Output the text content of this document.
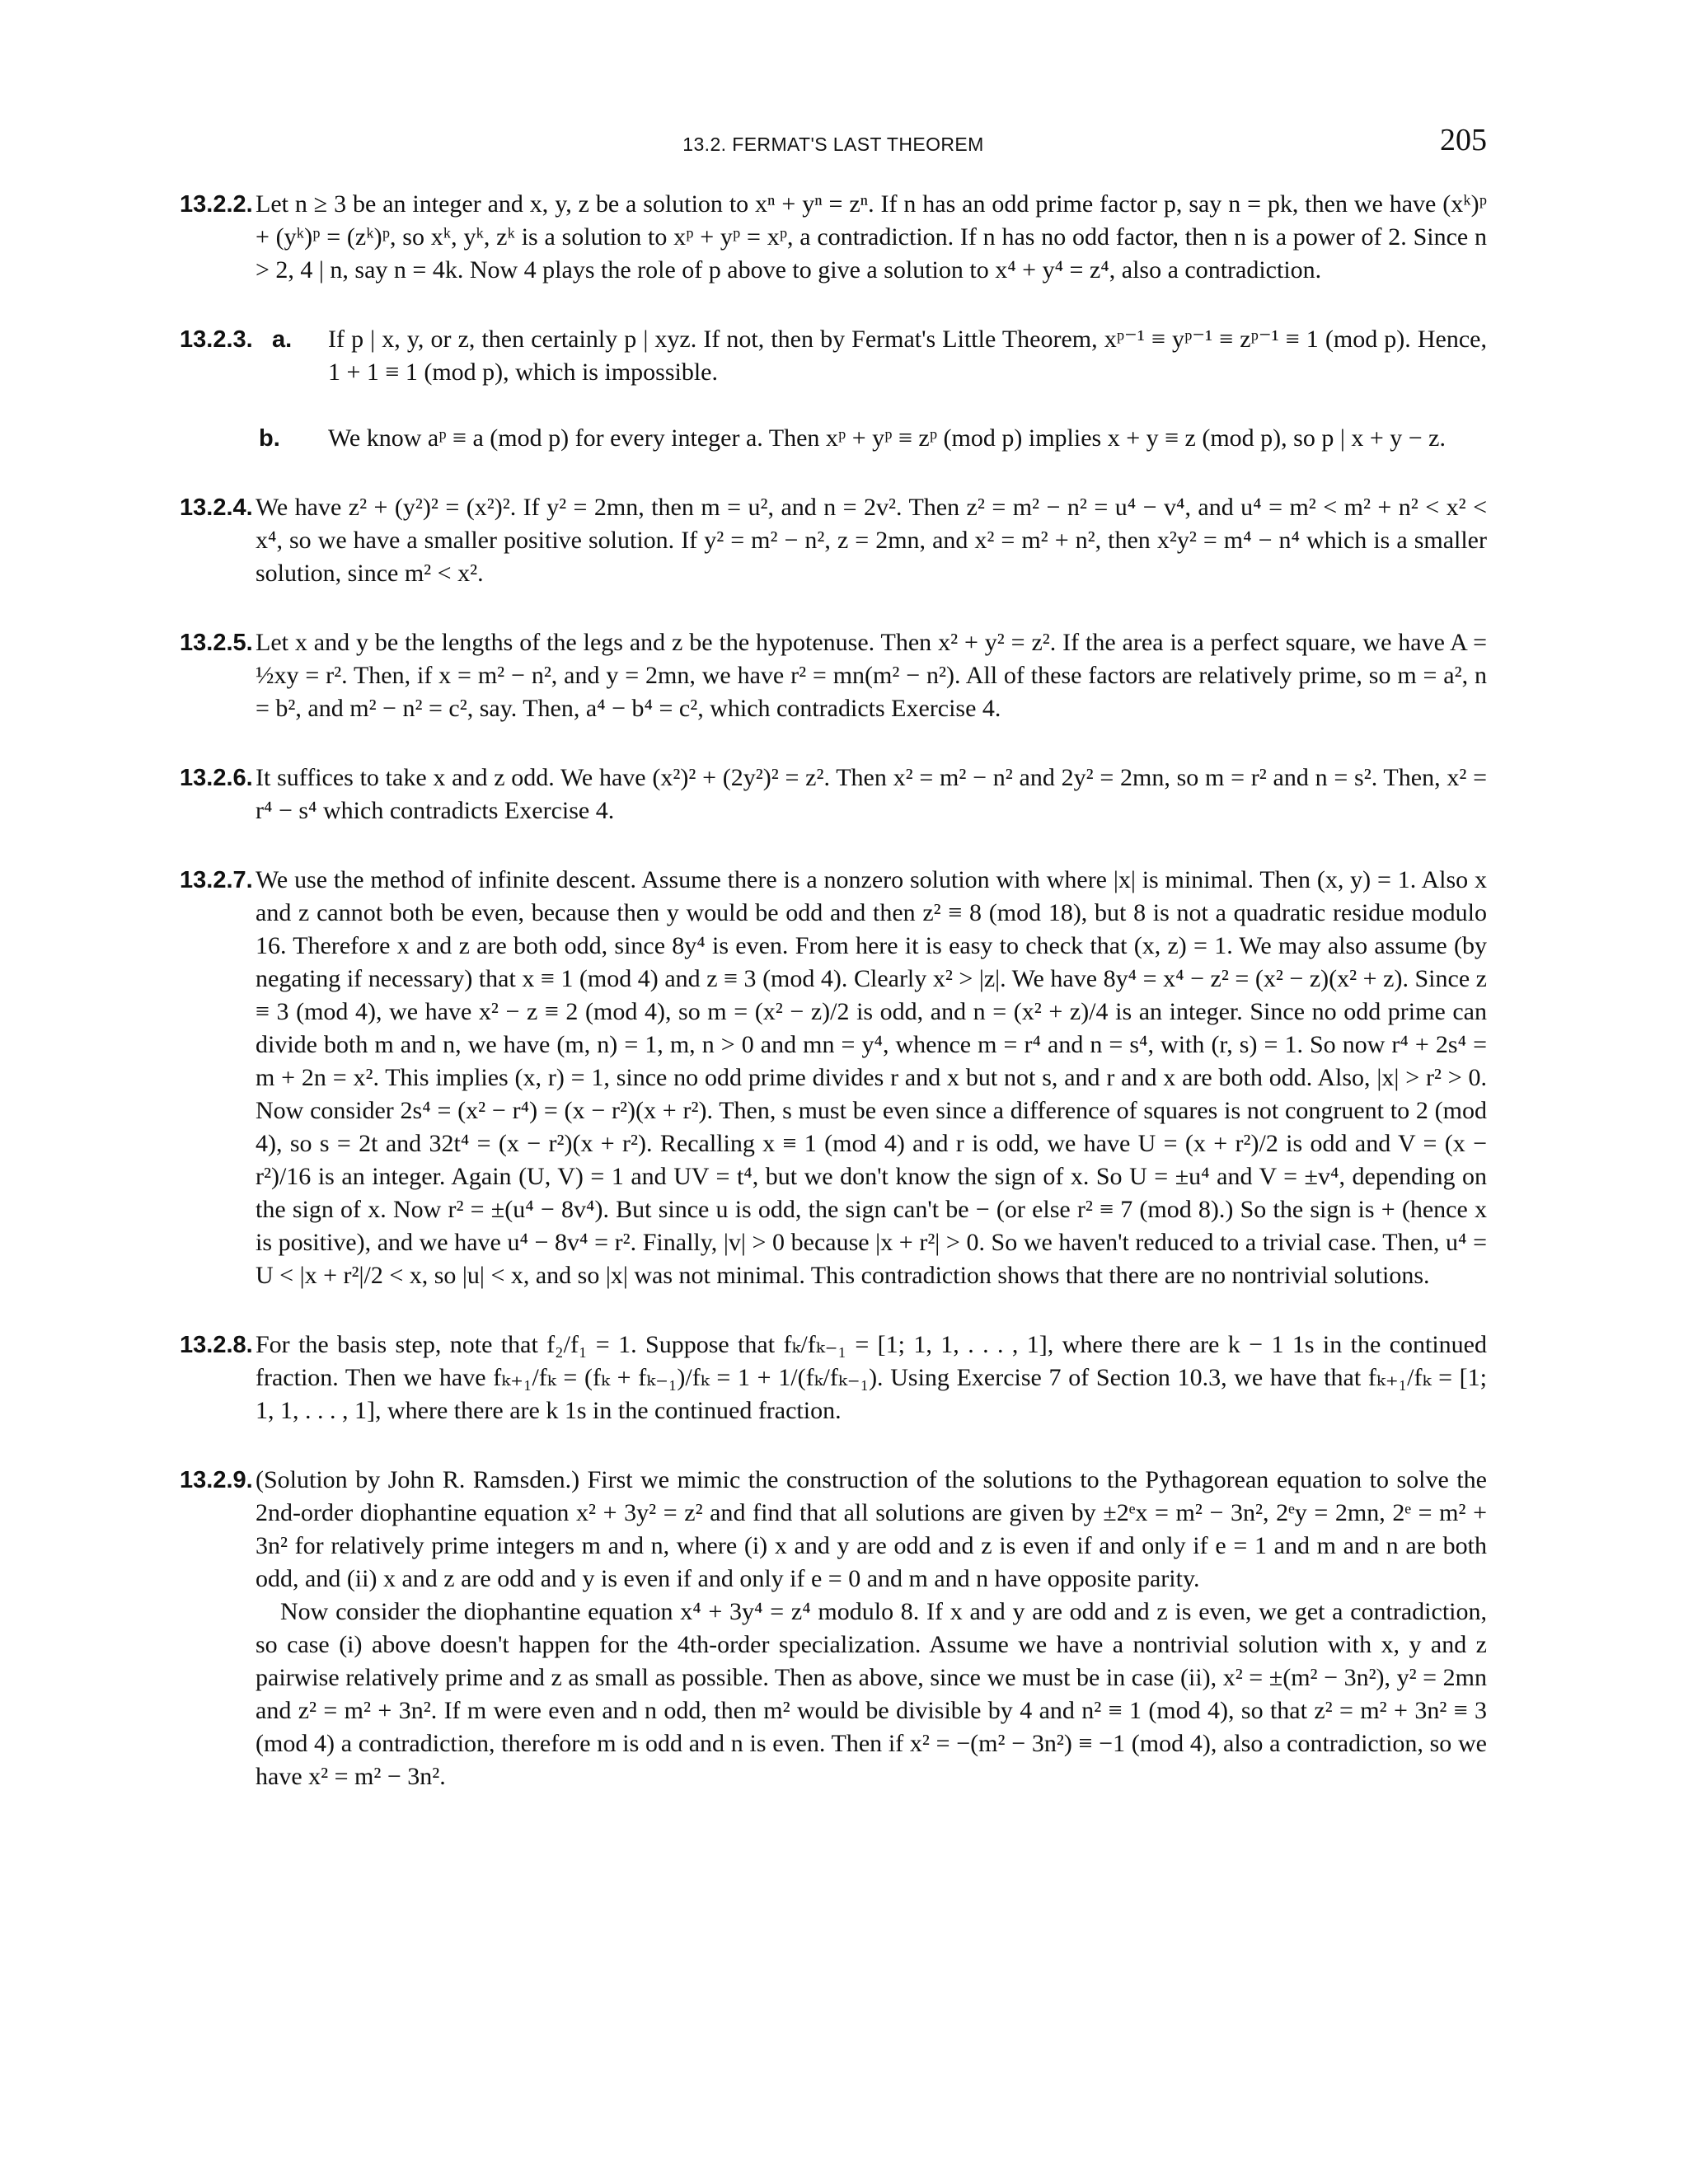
13.2. FERMAT'S LAST THEOREM	205
13.2.2. Let n ≥ 3 be an integer and x, y, z be a solution to xⁿ + yⁿ = zⁿ. If n has an odd prime factor p, say n = pk, then we have (xᵏ)ᵖ + (yᵏ)ᵖ = (zᵏ)ᵖ, so xᵏ, yᵏ, zᵏ is a solution to xᵖ + yᵖ = xᵖ, a contradiction. If n has no odd factor, then n is a power of 2. Since n > 2, 4 | n, say n = 4k. Now 4 plays the role of p above to give a solution to x⁴ + y⁴ = z⁴, also a contradiction.

13.2.3. a.	If p | x, y, or z, then certainly p | xyz. If not, then by Fermat's Little Theorem, xᵖ⁻¹ ≡ yᵖ⁻¹ ≡ zᵖ⁻¹ ≡ 1 (mod p). Hence, 1 + 1 ≡ 1 (mod p), which is impossible.

b.	We know aᵖ ≡ a (mod p) for every integer a. Then xᵖ + yᵖ ≡ zᵖ (mod p) implies x + y ≡ z (mod p), so p | x + y − z.

13.2.4. We have z² + (y²)² = (x²)². If y² = 2mn, then m = u², and n = 2v². Then z² = m² − n² = u⁴ − v⁴, and u⁴ = m² < m² + n² < x² < x⁴, so we have a smaller positive solution. If y² = m² − n², z = 2mn, and x² = m² + n², then x²y² = m⁴ − n⁴ which is a smaller solution, since m² < x².

13.2.5. Let x and y be the lengths of the legs and z be the hypotenuse. Then x² + y² = z². If the area is a perfect square, we have A = ½xy = r². Then, if x = m² − n², and y = 2mn, we have r² = mn(m² − n²). All of these factors are relatively prime, so m = a², n = b², and m² − n² = c², say. Then, a⁴ − b⁴ = c², which contradicts Exercise 4.

13.2.6. It suffices to take x and z odd. We have (x²)² + (2y²)² = z². Then x² = m² − n² and 2y² = 2mn, so m = r² and n = s². Then, x² = r⁴ − s⁴ which contradicts Exercise 4.

13.2.7. We use the method of infinite descent. Assume there is a nonzero solution with where |x| is minimal. Then (x, y) = 1. Also x and z cannot both be even, because then y would be odd and then z² ≡ 8 (mod 18), but 8 is not a quadratic residue modulo 16. Therefore x and z are both odd, since 8y⁴ is even. From here it is easy to check that (x, z) = 1. We may also assume (by negating if necessary) that x ≡ 1 (mod 4) and z ≡ 3 (mod 4). Clearly x² > |z|. We have 8y⁴ = x⁴ − z² = (x² − z)(x² + z). Since z ≡ 3 (mod 4), we have x² − z ≡ 2 (mod 4), so m = (x² − z)/2 is odd, and n = (x² + z)/4 is an integer. Since no odd prime can divide both m and n, we have (m, n) = 1, m, n > 0 and mn = y⁴, whence m = r⁴ and n = s⁴, with (r, s) = 1. So now r⁴ + 2s⁴ = m + 2n = x². This implies (x, r) = 1, since no odd prime divides r and x but not s, and r and x are both odd. Also, |x| > r² > 0. Now consider 2s⁴ = (x² − r⁴) = (x − r²)(x + r²). Then, s must be even since a difference of squares is not congruent to 2 (mod 4), so s = 2t and 32t⁴ = (x − r²)(x + r²). Recalling x ≡ 1 (mod 4) and r is odd, we have U = (x + r²)/2 is odd and V = (x − r²)/16 is an integer. Again (U, V) = 1 and UV = t⁴, but we don't know the sign of x. So U = ±u⁴ and V = ±v⁴, depending on the sign of x. Now r² = ±(u⁴ − 8v⁴). But since u is odd, the sign can't be − (or else r² ≡ 7 (mod 8).) So the sign is + (hence x is positive), and we have u⁴ − 8v⁴ = r². Finally, |v| > 0 because |x + r²| > 0. So we haven't reduced to a trivial case. Then, u⁴ = U < |x + r²|/2 < x, so |u| < x, and so |x| was not minimal. This contradiction shows that there are no nontrivial solutions.

13.2.8. For the basis step, note that f₂/f₁ = 1. Suppose that fₖ/fₖ₋₁ = [1; 1, 1, . . . , 1], where there are k − 1 1s in the continued fraction. Then we have fₖ₊₁/fₖ = (fₖ + fₖ₋₁)/fₖ = 1 + 1/(fₖ/fₖ₋₁). Using Exercise 7 of Section 10.3, we have that fₖ₊₁/fₖ = [1; 1, 1, . . . , 1], where there are k 1s in the continued fraction.

13.2.9. (Solution by John R. Ramsden.) First we mimic the construction of the solutions to the Pythagorean equation to solve the 2nd-order diophantine equation x² + 3y² = z² and find that all solutions are given by ±2ᵉx = m² − 3n², 2ᵉy = 2mn, 2ᵉ = m² + 3n² for relatively prime integers m and n, where (i) x and y are odd and z is even if and only if e = 1 and m and n are both odd, and (ii) x and z are odd and y is even if and only if e = 0 and m and n have opposite parity.

Now consider the diophantine equation x⁴ + 3y⁴ = z⁴ modulo 8. If x and y are odd and z is even, we get a contradiction, so case (i) above doesn't happen for the 4th-order specialization. Assume we have a nontrivial solution with x, y and z pairwise relatively prime and z as small as possible. Then as above, since we must be in case (ii), x² = ±(m² − 3n²), y² = 2mn and z² = m² + 3n². If m were even and n odd, then m² would be divisible by 4 and n² ≡ 1 (mod 4), so that z² = m² + 3n² ≡ 3 (mod 4) a contradiction, therefore m is odd and n is even. Then if x² = −(m² − 3n²) ≡ −1 (mod 4), also a contradiction, so we have x² = m² − 3n².
